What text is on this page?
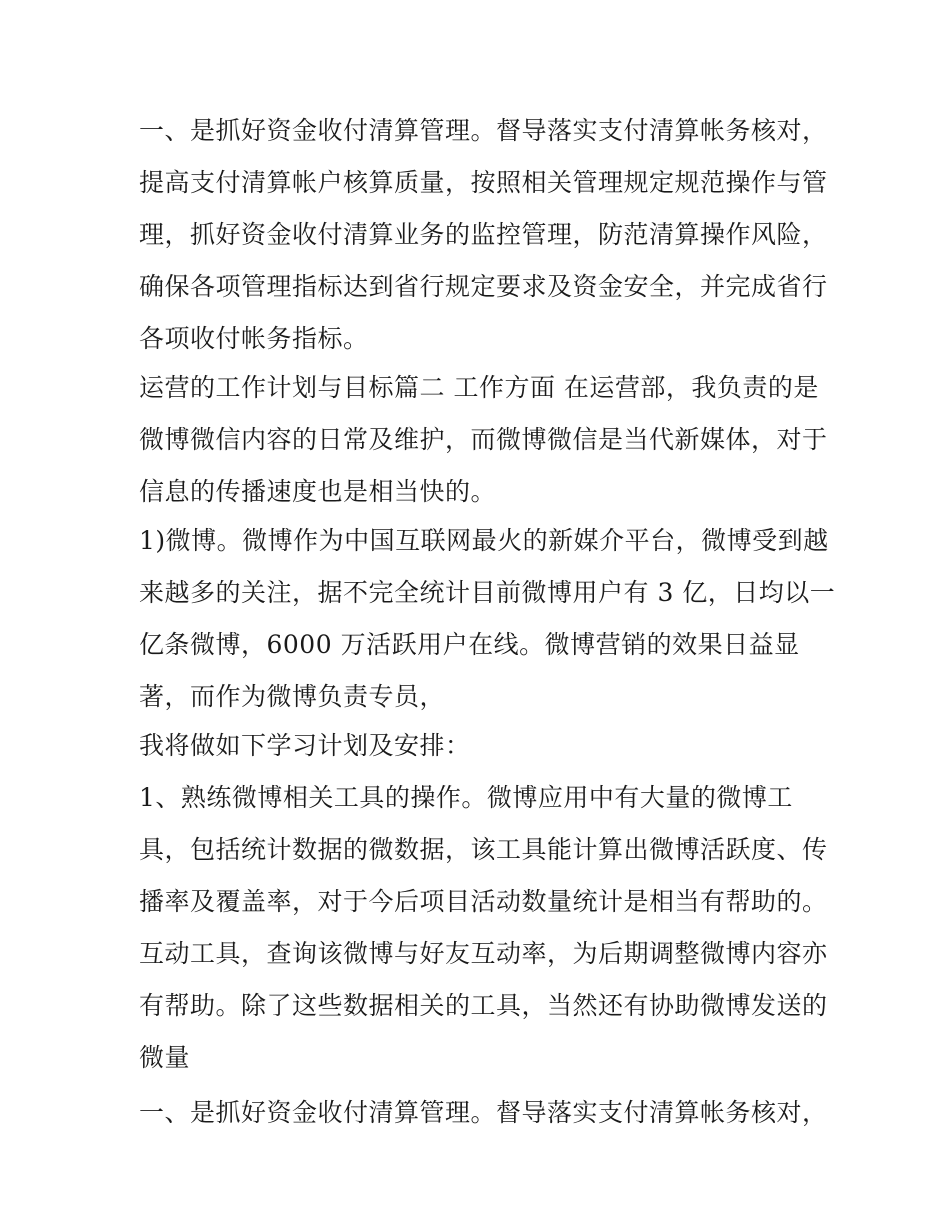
一、是抓好资金收付清算管理。督导落实支付清算帐务核对，
提高支付清算帐户核算质量，按照相关管理规定规范操作与管
理，抓好资金收付清算业务的监控管理，防范清算操作风险，
确保各项管理指标达到省行规定要求及资金安全，并完成省行
各项收付帐务指标。
运营的工作计划与目标篇二 工作方面 在运营部，我负责的是
微博微信内容的日常及维护，而微博微信是当代新媒体，对于
信息的传播速度也是相当快的。
1)微博。微博作为中国互联网最火的新媒介平台，微博受到越
来越多的关注，据不完全统计目前微博用户有 3 亿，日均以一
亿条微博，6000 万活跃用户在线。微博营销的效果日益显
著，而作为微博负责专员，
我将做如下学习计划及安排：
1、熟练微博相关工具的操作。微博应用中有大量的微博工
具，包括统计数据的微数据，该工具能计算出微博活跃度、传
播率及覆盖率，对于今后项目活动数量统计是相当有帮助的。
互动工具，查询该微博与好友互动率，为后期调整微博内容亦
有帮助。除了这些数据相关的工具，当然还有协助微博发送的
微量
一、是抓好资金收付清算管理。督导落实支付清算帐务核对，
